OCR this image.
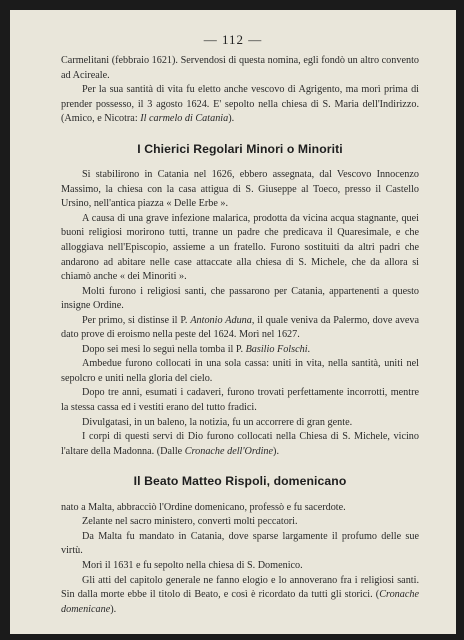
— 112 —

Carmelitani (febbraio 1621). Servendosi di questa nomina, egli fondò un altro convento ad Acireale.

Per la sua santità di vita fu eletto anche vescovo di Agrigento, ma morì prima di prender possesso, il 3 agosto 1624. E' sepolto nella chiesa di S. Maria dell'Indirizzo. (Amico, e Nicotra: Il carmelo di Catania).

I Chierici Regolari Minori o Minoriti

Si stabilirono in Catania nel 1626, ebbero assegnata, dal Vescovo Innocenzo Massimo, la chiesa con la casa attigua di S. Giuseppe al Toeco, presso il Castello Ursino, nell'antica piazza « Delle Erbe ».

A causa di una grave infezione malarica, prodotta da vicina acqua stagnante, quei buoni religiosi morirono tutti, tranne un padre che predicava il Quaresimale, e che alloggiava nell'Episcopio, assieme a un fratello. Furono sostituiti da altri padri che andarono ad abitare nelle case attaccate alla chiesa di S. Michele, che da allora si chiamò anche « dei Minoriti ».

Molti furono i religiosi santi, che passarono per Catania, appartenenti a questo insigne Ordine.

Per primo, si distinse il P. Antonio Aduna, il quale veniva da Palermo, dove aveva dato prove di eroismo nella peste del 1624. Morì nel 1627.

Dopo sei mesi lo seguì nella tomba il P. Basilio Folschi.

Ambedue furono collocati in una sola cassa: uniti in vita, nella santità, uniti nel sepolcro e uniti nella gloria del cielo.

Dopo tre anni, esumati i cadaveri, furono trovati perfettamente incorrotti, mentre la stessa cassa ed i vestiti erano del tutto fradici.

Divulgatasi, in un baleno, la notizia, fu un accorrere di gran gente.

I corpi di questi servi di Dio furono collocati nella Chiesa di S. Michele, vicino l'altare della Madonna. (Dalle Cronache dell'Ordine).

Il Beato Matteo Rispoli, domenicano

nato a Malta, abbracciò l'Ordine domenicano, professò e fu sacerdote.

Zelante nel sacro ministero, convertì molti peccatori.

Da Malta fu mandato in Catania, dove sparse largamente il profumo delle sue virtù.

Morì il 1631 e fu sepolto nella chiesa di S. Domenico.

Gli atti del capitolo generale ne fanno elogio e lo annoverano fra i religiosi santi. Sin dalla morte ebbe il titolo di Beato, e così è ricordato da tutti gli storici. (Cronache domenicane).
